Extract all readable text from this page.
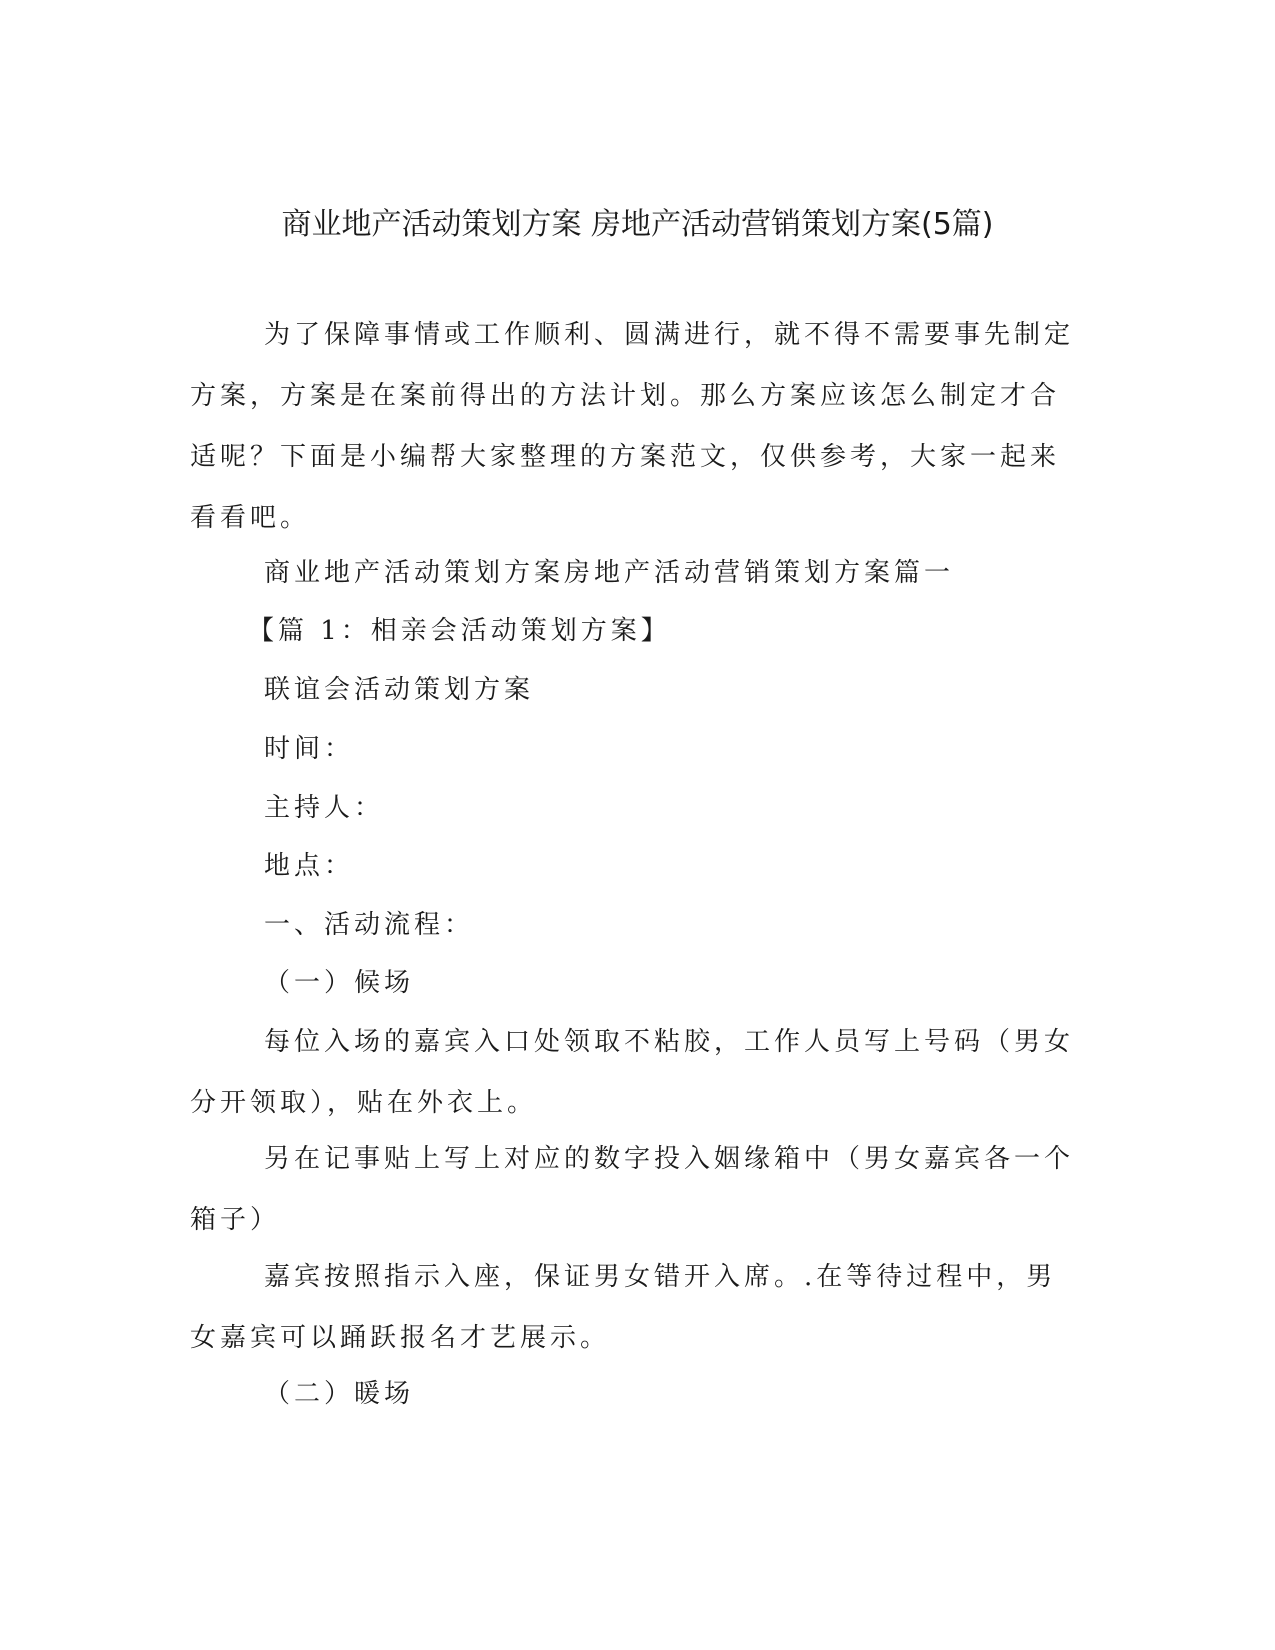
商业地产活动策划方案 房地产活动营销策划方案(5篇)

为了保障事情或工作顺利、圆满进行，就不得不需要事先制定方案，方案是在案前得出的方法计划。那么方案应该怎么制定才合适呢？下面是小编帮大家整理的方案范文，仅供参考，大家一起来看看吧。

商业地产活动策划方案房地产活动营销策划方案篇一
【篇 1：相亲会活动策划方案】
联谊会活动策划方案
时间：
主持人：
地点：
一、活动流程：
（一）候场

每位入场的嘉宾入口处领取不粘胶，工作人员写上号码（男女分开领取），贴在外衣上。

另在记事贴上写上对应的数字投入姻缘箱中（男女嘉宾各一个箱子）

嘉宾按照指示入座，保证男女错开入席。.在等待过程中，男女嘉宾可以踊跃报名才艺展示。

（二）暖场
